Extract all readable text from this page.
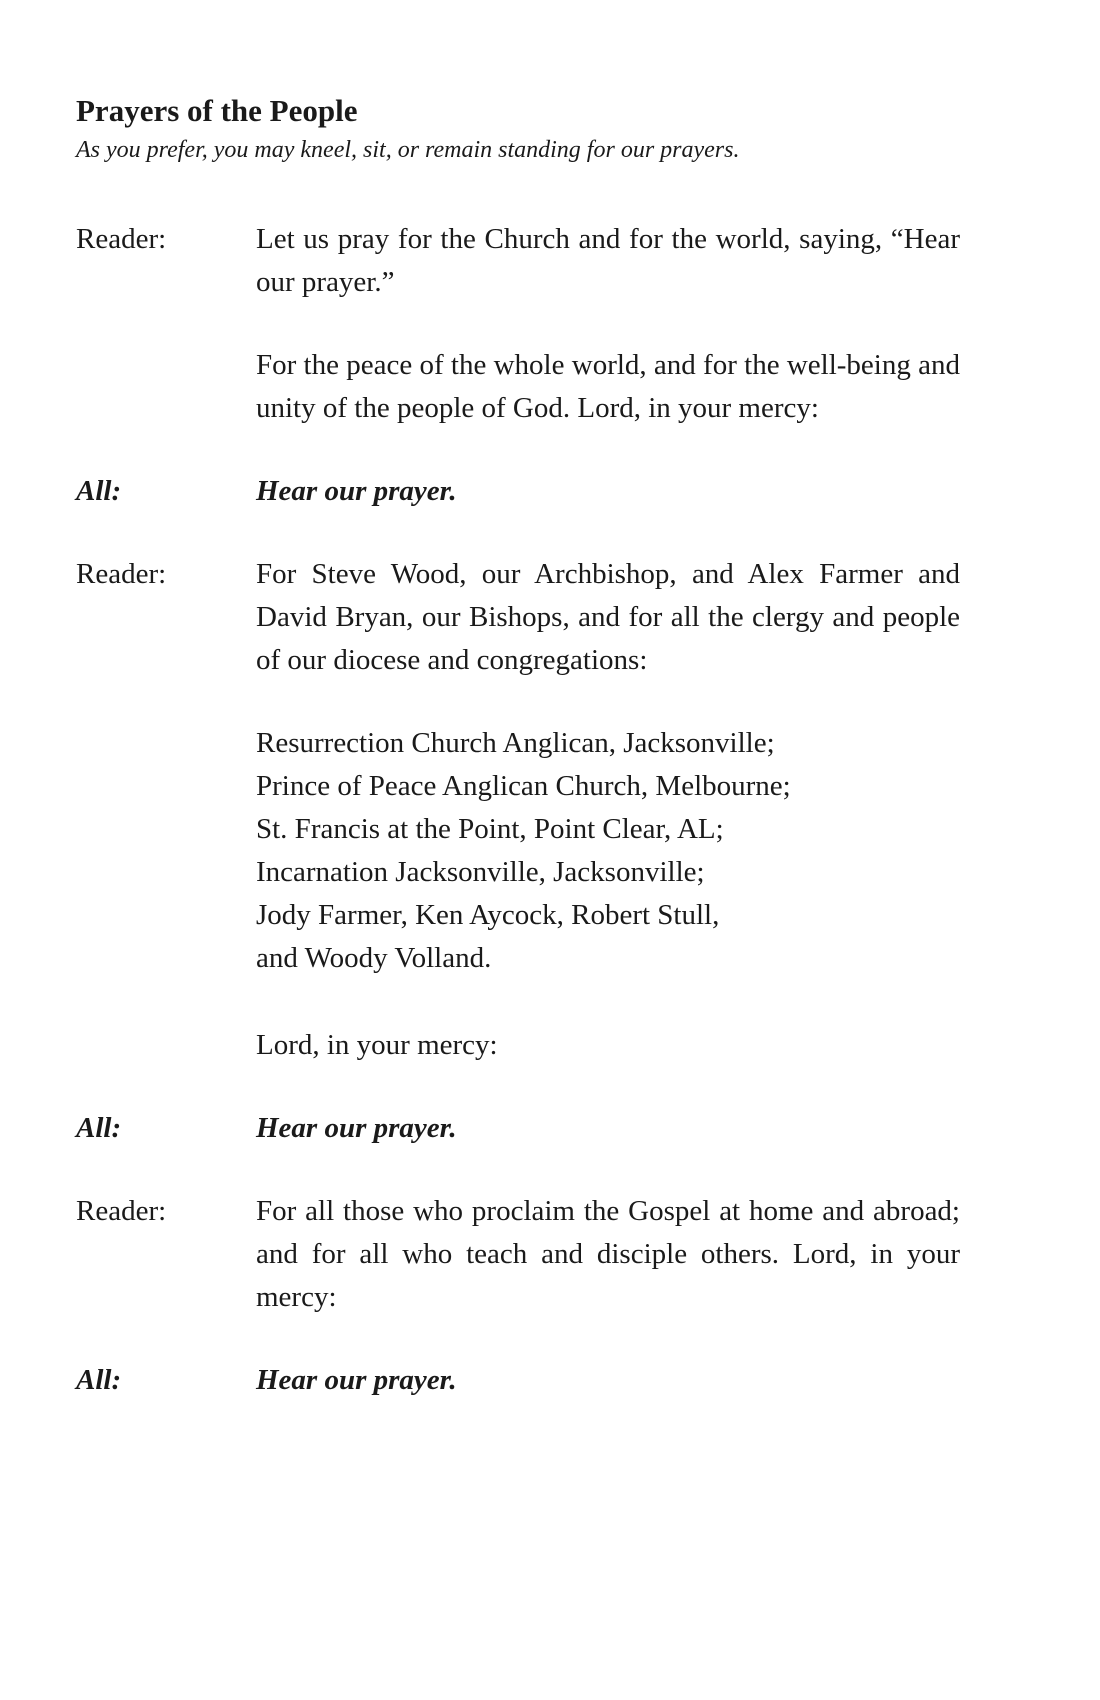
Prayers of the People

As you prefer, you may kneel, sit, or remain standing for our prayers.

Reader:	Let us pray for the Church and for the world, saying, “Hear our prayer.”
For the peace of the whole world, and for the well-being and unity of the people of God. Lord, in your mercy:
All:	Hear our prayer.
Reader:	For Steve Wood, our Archbishop, and Alex Farmer and David Bryan, our Bishops, and for all the clergy and people of our diocese and congregations:
Resurrection Church Anglican, Jacksonville;
Prince of Peace Anglican Church, Melbourne;
St. Francis at the Point, Point Clear, AL;
Incarnation Jacksonville, Jacksonville;
Jody Farmer, Ken Aycock, Robert Stull,
and Woody Volland.
Lord, in your mercy:
All:	Hear our prayer.
Reader:	For all those who proclaim the Gospel at home and abroad; and for all who teach and disciple others. Lord, in your mercy:
All:	Hear our prayer.
